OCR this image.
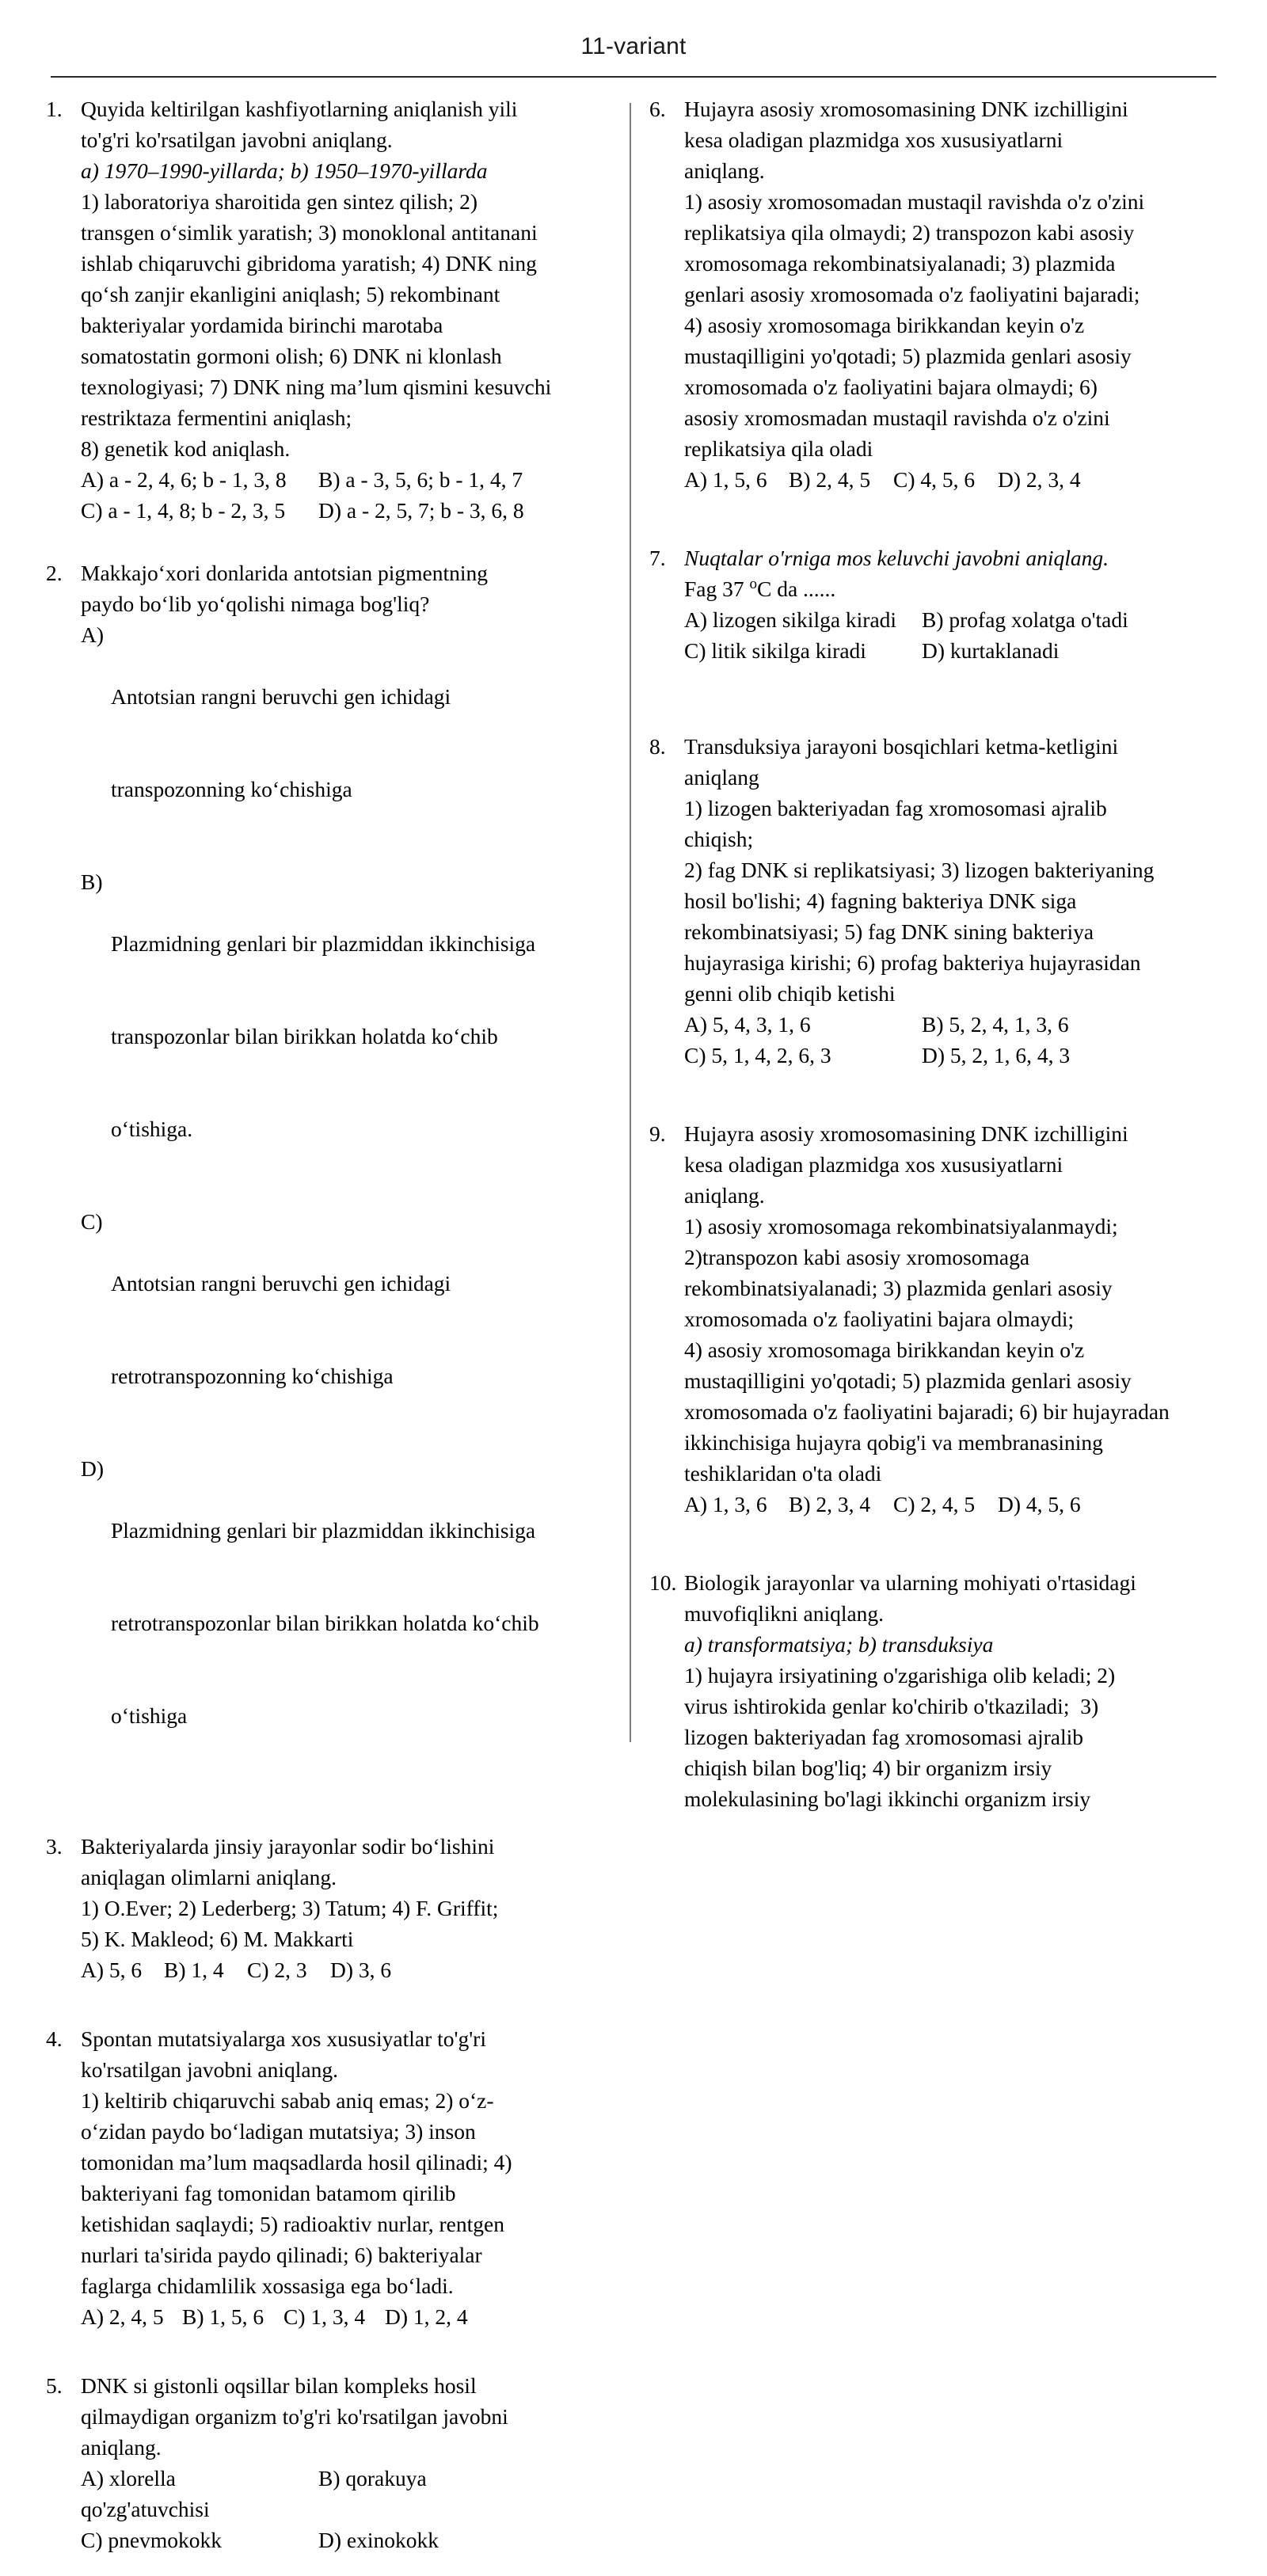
11-variant
1. Quyida keltirilgan kashfiyotlarning aniqlanish yili
to'g'ri ko'rsatilgan javobni aniqlang.
a) 1970–1990-yillarda; b) 1950–1970-yillarda
1) laboratoriya sharoitida gen sintez qilish; 2)
transgen o‘simlik yaratish; 3) monoklonal antitanani
ishlab chiqaruvchi gibridoma yaratish; 4) DNK ning
qo‘sh zanjir ekanligini aniqlash; 5) rekombinant
bakteriyalar yordamida birinchi marotaba
somatostatin gormoni olish; 6) DNK ni klonlash
texnologiyasi; 7) DNK ning ma’lum qismini kesuvchi
restriktaza fermentini aniqlash;
8) genetik kod aniqlash.
A) a - 2, 4, 6; b - 1, 3, 8	B) a - 3, 5, 6; b - 1, 4, 7
C) a - 1, 4, 8; b - 2, 3, 5	D) a - 2, 5, 7; b - 3, 6, 8
2. Makkajo‘xori donlarida antotsian pigmentning
paydo bo‘lib yo‘qolishi nimaga bog'liq?
A)

Antotsian rangni beruvchi gen ichidagi

transpozonning ko‘chishiga

B)

Plazmidning genlari bir plazmiddan ikkinchisiga

transpozonlar bilan birikkan holatda ko‘chib

o‘tishiga.

C)

Antotsian rangni beruvchi gen ichidagi

retrotranspozonning ko‘chishiga

D)

Plazmidning genlari bir plazmiddan ikkinchisiga

retrotranspozonlar bilan birikkan holatda ko‘chib

o‘tishiga

3. Bakteriyalarda jinsiy jarayonlar sodir bo‘lishini
aniqlagan olimlarni aniqlang.
1) O.Ever; 2) Lederberg; 3) Tatum; 4) F. Griffit;
5) K. Makleod; 6) M. Makkarti
A) 5, 6	B) 1, 4	C) 2, 3	D) 3, 6
4. Spontan mutatsiyalarga xos xususiyatlar to'g'ri
ko'rsatilgan javobni aniqlang.
1) keltirib chiqaruvchi sabab aniq emas; 2) o‘z-
o‘zidan paydo bo‘ladigan mutatsiya; 3) inson
tomonidan ma’lum maqsadlarda hosil qilinadi; 4)
bakteriyani fag tomonidan batamom qirilib
ketishidan saqlaydi; 5) radioaktiv nurlar, rentgen
nurlari ta'sirida paydo qilinadi; 6) bakteriyalar
faglarga chidamlilik xossasiga ega bo‘ladi.
A) 2, 4, 5 B) 1, 5, 6 C) 1, 3, 4 D) 1, 2, 4
5. DNK si gistonli oqsillar bilan kompleks hosil
qilmaydigan organizm to'g'ri ko'rsatilgan javobni
aniqlang.
A) xlorella	B) qorakuya
qo'zg'atuvchisi
C) pnevmokokk	D) exinokokk
6. Hujayra asosiy xromosomasining DNK izchilligini
kesa oladigan plazmidga xos xususiyatlarni
aniqlang.
1) asosiy xromosomadan mustaqil ravishda o'z o'zini
replikatsiya qila olmaydi; 2) transpozon kabi asosiy
xromosomaga rekombinatsiyalanadi; 3) plazmida
genlari asosiy xromosomada o'z faoliyatini bajaradi;
4) asosiy xromosomaga birikkandan keyin o'z
mustaqilligini yo'qotadi; 5) plazmida genlari asosiy
xromosomada o'z faoliyatini bajara olmaydi; 6)
asosiy xromosmadan mustaqil ravishda o'z o'zini
replikatsiya qila oladi
A) 1, 5, 6 B) 2, 4, 5	C) 4, 5, 6	D) 2, 3, 4
7. Nuqtalar o'rniga mos keluvchi javobni aniqlang.
Fag 37 $^o$C da ......
A) lizogen sikilga kiradi	B) profag xolatga o'tadi
C) litik sikilga kiradi	D) kurtaklanadi
8. Transduksiya jarayoni bosqichlari ketma-ketligini
aniqlang
1) lizogen bakteriyadan fag xromosomasi ajralib
chiqish;
2) fag DNK si replikatsiyasi; 3) lizogen bakteriyaning
hosil bo'lishi; 4) fagning bakteriya DNK siga
rekombinatsiyasi; 5) fag DNK sining bakteriya
hujayrasiga kirishi; 6) profag bakteriya hujayrasidan
genni olib chiqib ketishi
A) 5, 4, 3, 1, 6	B) 5, 2, 4, 1, 3, 6
C) 5, 1, 4, 2, 6, 3	D) 5, 2, 1, 6, 4, 3
9. Hujayra asosiy xromosomasining DNK izchilligini
kesa oladigan plazmidga xos xususiyatlarni
aniqlang.
1) asosiy xromosomaga rekombinatsiyalanmaydi;
2)transpozon kabi asosiy xromosomaga
rekombinatsiyalanadi; 3) plazmida genlari asosiy
xromosomada o'z faoliyatini bajara olmaydi;
4) asosiy xromosomaga birikkandan keyin o'z
mustaqilligini yo'qotadi; 5) plazmida genlari asosiy
xromosomada o'z faoliyatini bajaradi; 6) bir hujayradan
ikkinchisiga hujayra qobig'i va membranasining
teshiklaridan o'ta oladi
A) 1, 3, 6 B) 2, 3, 4	C) 2, 4, 5	D) 4, 5, 6
10. Biologik jarayonlar va ularning mohiyati o'rtasidagi
muvofiqlikni aniqlang.
a) transformatsiya; b) transduksiya
1) hujayra irsiyatining o'zgarishiga olib keladi; 2)
virus ishtirokida genlar ko'chirib o'tkaziladi;  3)
lizogen bakteriyadan fag xromosomasi ajralib
chiqish bilan bog'liq; 4) bir organizm irsiy
molekulasining bo'lagi ikkinchi organizm irsiy
